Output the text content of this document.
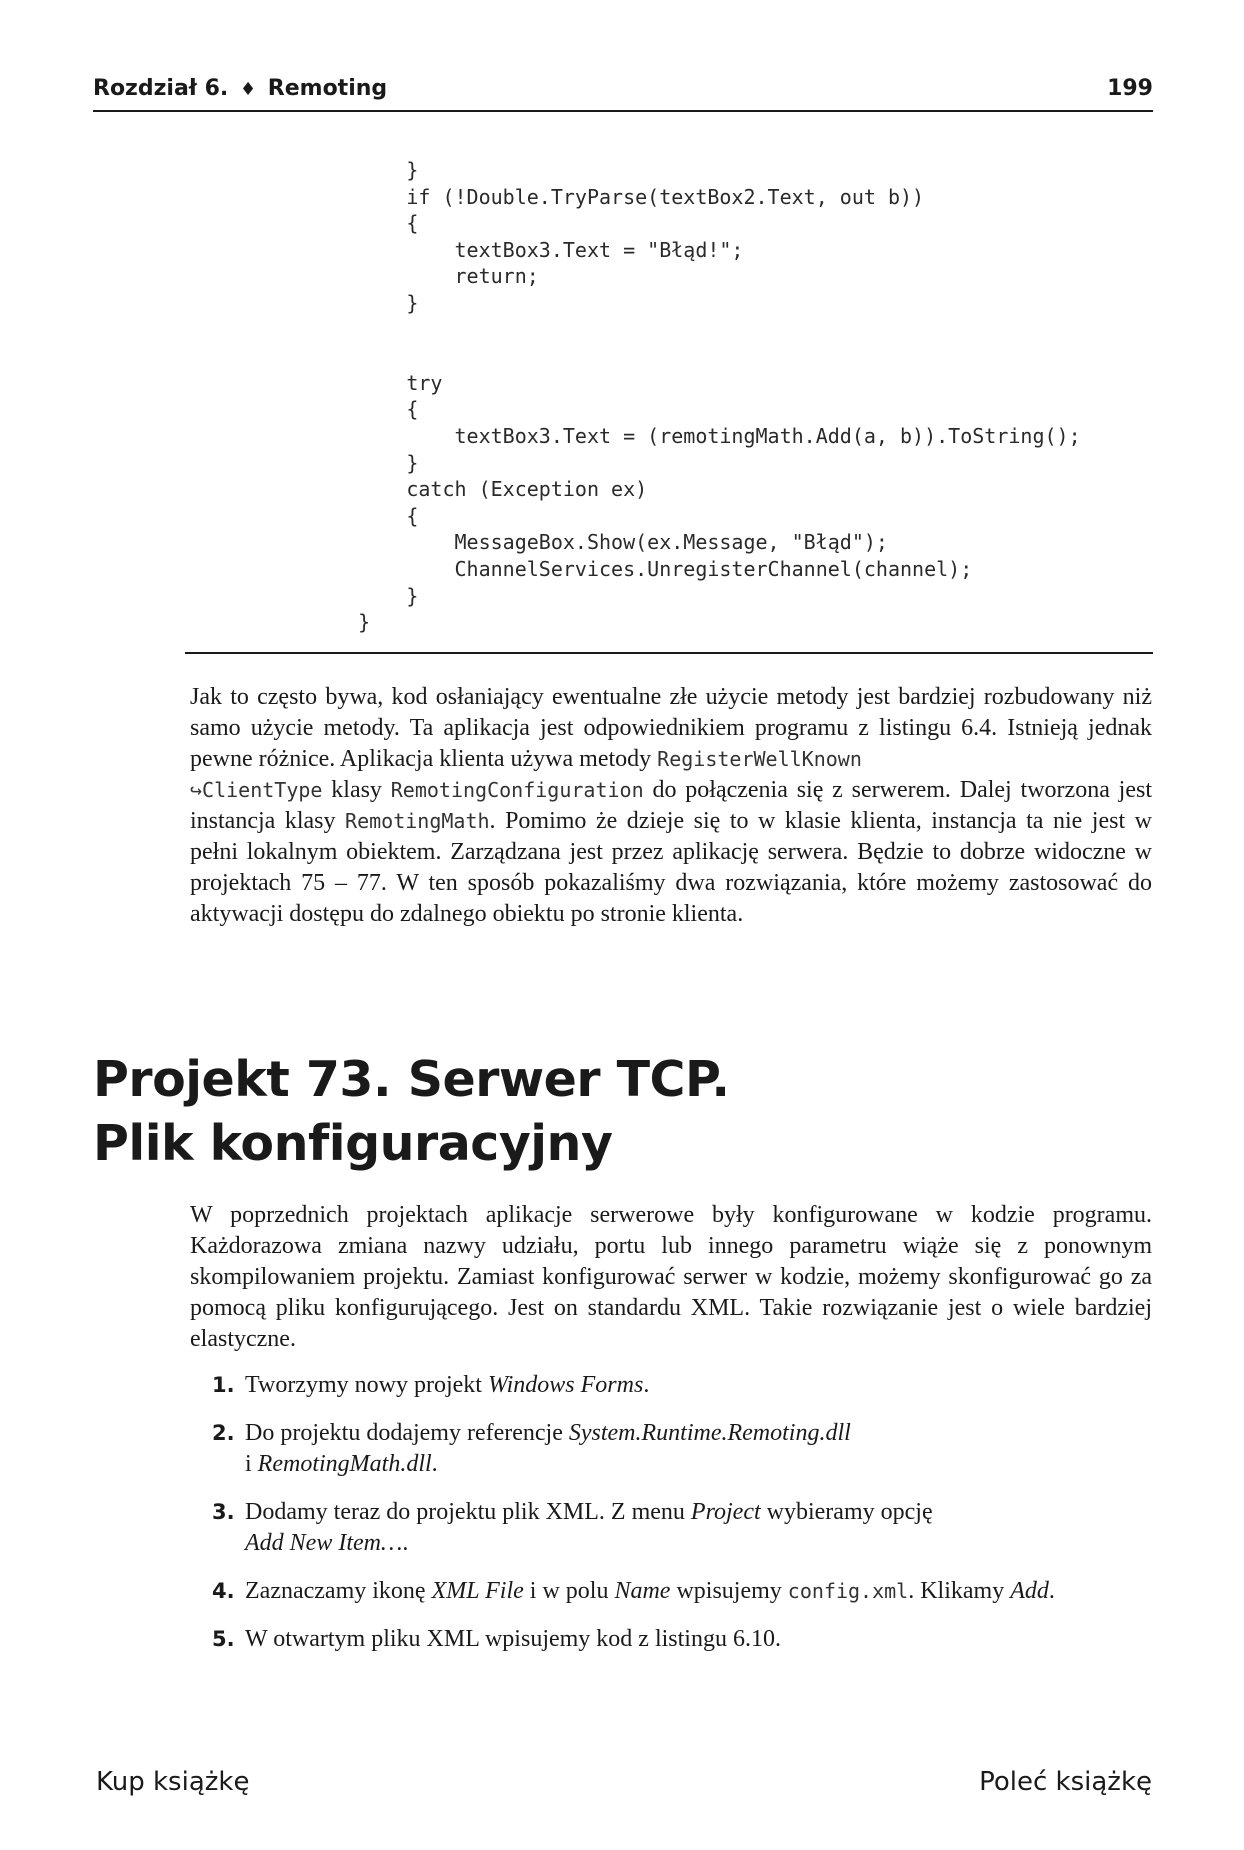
Rozdział 6. ♦ Remoting	199
}
if (!Double.TryParse(textBox2.Text, out b))
{
textBox3.Text = "Błąd!";
return;
}

try
{
textBox3.Text = (remotingMath.Add(a, b)).ToString();
}
catch (Exception ex)
{
MessageBox.Show(ex.Message, "Błąd");
ChannelServices.UnregisterChannel(channel);
}
}

Jak to często bywa, kod osłaniający ewentualne złe użycie metody jest bardziej rozbudowany niż samo użycie metody. Ta aplikacja jest odpowiednikiem programu z listingu 6.4. Istnieją jednak pewne różnice. Aplikacja klienta używa metody RegisterWellKnown
↪ClientType klasy RemotingConfiguration do połączenia się z serwerem. Dalej tworzona jest instancja klasy RemotingMath. Pomimo że dzieje się to w klasie klienta, instancja ta nie jest w pełni lokalnym obiektem. Zarządzana jest przez aplikację serwera. Będzie to dobrze widoczne w projektach 75 – 77. W ten sposób pokazaliśmy dwa rozwiązania, które możemy zastosować do aktywacji dostępu do zdalnego obiektu po stronie klienta.

Projekt 73. Serwer TCP.
Plik konfiguracyjny

W poprzednich projektach aplikacje serwerowe były konfigurowane w kodzie programu. Każdorazowa zmiana nazwy udziału, portu lub innego parametru wiąże się z ponownym skompilowaniem projektu. Zamiast konfigurować serwer w kodzie, możemy skonfigurować go za pomocą pliku konfigurującego. Jest on standardu XML. Takie rozwiązanie jest o wiele bardziej elastyczne.

1. Tworzymy nowy projekt Windows Forms.
2. Do projektu dodajemy referencje System.Runtime.Remoting.dll
i RemotingMath.dll.
3. Dodamy teraz do projektu plik XML. Z menu Project wybieramy opcję
Add New Item….
4. Zaznaczamy ikonę XML File i w polu Name wpisujemy config.xml. Klikamy Add.
5. W otwartym pliku XML wpisujemy kod z listingu 6.10.
Kup książkę	Poleć książkę
